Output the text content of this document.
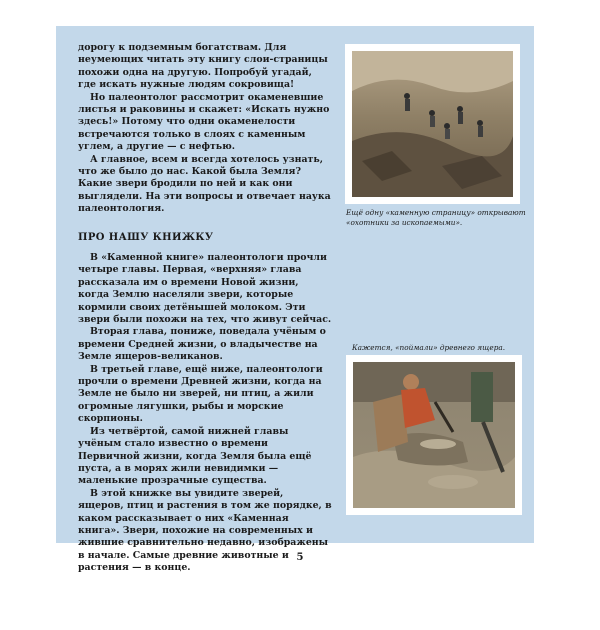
дорогу к подземным богатствам. Для неумеющих читать эту книгу слои-страницы похожи одна на другую. Попробуй угадай, где искать нужные людям сокровища!

Но палеонтолог рассмотрит окаменевшие листья и раковины и скажет: «Искать нужно здесь!» Потому что одни окаменелости встречаются только в слоях с каменным углем, а другие — с нефтью.

А главное, всем и всегда хотелось узнать, что же было до нас. Какой была Земля? Какие звери бродили по ней и как они выглядели. На эти вопросы и отвечает наука палеонтология.

ПРО НАШУ КНИЖКУ

В «Каменной книге» палеонтологи прочли четыре главы. Первая, «верхняя» глава рассказала им о времени Новой жизни, когда Землю населяли звери, которые кормили своих детёнышей молоком. Эти звери были похожи на тех, что живут сейчас.

Вторая глава, пониже, поведала учёным о времени Средней жизни, о владычестве на Земле ящеров-великанов.

В третьей главе, ещё ниже, палеонтологи прочли о времени Древней жизни, когда на Земле не было ни зверей, ни птиц, а жили огромные лягушки, рыбы и морские скорпионы.

Из четвёртой, самой нижней главы учёным стало известно о времени Первичной жизни, когда Земля была ещё пуста, а в морях жили невидимки — маленькие прозрачные существа.

В этой книжке вы увидите зверей, ящеров, птиц и растения в том же порядке, в каком рассказывает о них «Каменная книга». Звери, похожие на современных и жившие сравнительно недавно, изображены в начале. Самые древние животные и растения — в конце.

Ещё одну «каменную страницу» открывают «охотники за ископаемыми».
Кажется, «поймали» древнего ящера.
5
